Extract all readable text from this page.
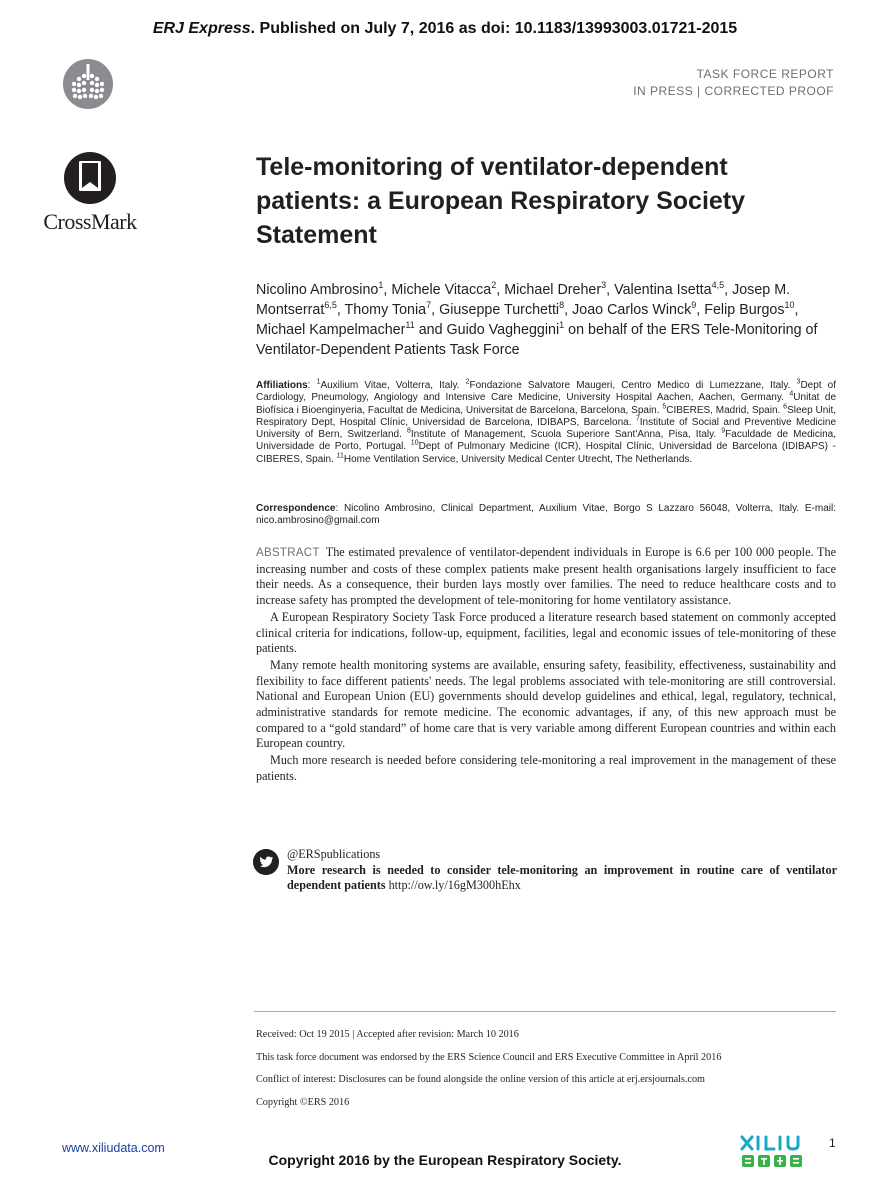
ERJ Express. Published on July 7, 2016 as doi: 10.1183/13993003.01721-2015
TASK FORCE REPORT
IN PRESS | CORRECTED PROOF
CrossMark
Tele-monitoring of ventilator-dependent patients: a European Respiratory Society Statement
Nicolino Ambrosino$^1$, Michele Vitacca$^2$, Michael Dreher$^3$, Valentina Isetta$^{4,5}$, Josep M. Montserrat$^{6,5}$, Thomy Tonia$^7$, Giuseppe Turchetti$^8$, Joao Carlos Winck$^9$, Felip Burgos$^{10}$, Michael Kampelmacher$^{11}$ and Guido Vagheggini$^1$ on behalf of the ERS Tele-Monitoring of Ventilator-Dependent Patients Task Force
Affiliations: $^1$Auxilium Vitae, Volterra, Italy. $^2$Fondazione Salvatore Maugeri, Centro Medico di Lumezzane, Italy. $^3$Dept of Cardiology, Pneumology, Angiology and Intensive Care Medicine, University Hospital Aachen, Aachen, Germany. $^4$Unitat de Biofísica i Bioenginyeria, Facultat de Medicina, Universitat de Barcelona, Barcelona, Spain. $^5$CIBERES, Madrid, Spain. $^6$Sleep Unit, Respiratory Dept, Hospital Clínic, Universidad de Barcelona, IDIBAPS, Barcelona. $^7$Institute of Social and Preventive Medicine University of Bern, Switzerland. $^8$Institute of Management, Scuola Superiore Sant'Anna, Pisa, Italy. $^9$Faculdade de Medicina, Universidade de Porto, Portugal. $^{10}$Dept of Pulmonary Medicine (ICR), Hospital Clínic, Universidad de Barcelona (IDIBAPS) - CIBERES, Spain. $^{11}$Home Ventilation Service, University Medical Center Utrecht, The Netherlands.
Correspondence: Nicolino Ambrosino, Clinical Department, Auxilium Vitae, Borgo S Lazzaro 56048, Volterra, Italy. E-mail: nico.ambrosino@gmail.com

ABSTRACT The estimated prevalence of ventilator-dependent individuals in Europe is 6.6 per 100 000 people. The increasing number and costs of these complex patients make present health organisations largely insufficient to face their needs. As a consequence, their burden lays mostly over families. The need to reduce healthcare costs and to increase safety has prompted the development of tele-monitoring for home ventilatory assistance.

A European Respiratory Society Task Force produced a literature research based statement on commonly accepted clinical criteria for indications, follow-up, equipment, facilities, legal and economic issues of tele-monitoring of these patients.

Many remote health monitoring systems are available, ensuring safety, feasibility, effectiveness, sustainability and flexibility to face different patients' needs. The legal problems associated with tele-monitoring are still controversial. National and European Union (EU) governments should develop guidelines and ethical, legal, regulatory, technical, administrative standards for remote medicine. The economic advantages, if any, of this new approach must be compared to a “gold standard” of home care that is very variable among different European countries and within each European country.

Much more research is needed before considering tele-monitoring a real improvement in the management of these patients.

@ERSpublications
More research is needed to consider tele-monitoring an improvement in routine care of ventilator dependent patients http://ow.ly/16gM300hEhx
Received: Oct 19 2015 | Accepted after revision: March 10 2016
This task force document was endorsed by the ERS Science Council and ERS Executive Committee in April 2016
Conflict of interest: Disclosures can be found alongside the online version of this article at erj.ersjournals.com
Copyright ©ERS 2016
www.xiliudata.com
Copyright 2016 by the European Respiratory Society.
1
